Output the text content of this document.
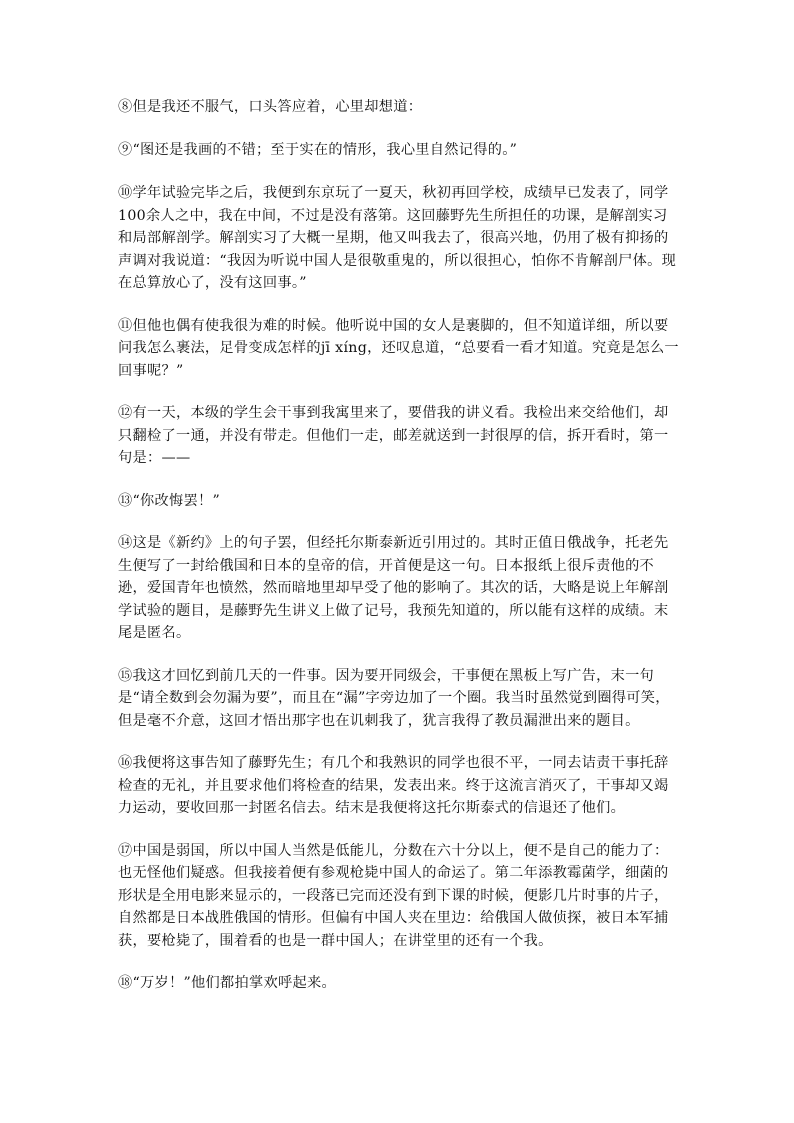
⑧但是我还不服气，口头答应着，心里却想道：

⑨“图还是我画的不错；至于实在的情形，我心里自然记得的。”

⑩学年试验完毕之后，我便到东京玩了一夏天，秋初再回学校，成绩早已发表了，同学100余人之中，我在中间，不过是没有落第。这回藤野先生所担任的功课，是解剖实习和局部解剖学。解剖实习了大概一星期，他又叫我去了，很高兴地，仍用了极有抑扬的声调对我说道：“我因为听说中国人是很敬重鬼的，所以很担心，怕你不肯解剖尸体。现在总算放心了，没有这回事。”

⑪但他也偶有使我很为难的时候。他听说中国的女人是裹脚的，但不知道详细，所以要问我怎么裹法，足骨变成怎样的jī xíng，还叹息道，“总要看一看才知道。究竟是怎么一回事呢？”

⑫有一天，本级的学生会干事到我寓里来了，要借我的讲义看。我检出来交给他们，却只翻检了一通，并没有带走。但他们一走，邮差就送到一封很厚的信，拆开看时，第一句是：——

⑬“你改悔罢！”

⑭这是《新约》上的句子罢，但经托尔斯泰新近引用过的。其时正值日俄战争，托老先生便写了一封给俄国和日本的皇帝的信，开首便是这一句。日本报纸上很斥责他的不逊，爱国青年也愤然，然而暗地里却早受了他的影响了。其次的话，大略是说上年解剖学试验的题目，是藤野先生讲义上做了记号，我预先知道的，所以能有这样的成绩。末尾是匿名。

⑮我这才回忆到前几天的一件事。因为要开同级会，干事便在黑板上写广告，末一句是“请全数到会勿漏为要”，而且在“漏”字旁边加了一个圈。我当时虽然觉到圈得可笑，但是毫不介意，这回才悟出那字也在讥刺我了，犹言我得了教员漏泄出来的题目。

⑯我便将这事告知了藤野先生；有几个和我熟识的同学也很不平，一同去诘责干事托辞检查的无礼，并且要求他们将检查的结果，发表出来。终于这流言消灭了，干事却又竭力运动，要收回那一封匿名信去。结末是我便将这托尔斯泰式的信退还了他们。

⑰中国是弱国，所以中国人当然是低能儿，分数在六十分以上，便不是自己的能力了：也无怪他们疑惑。但我接着便有参观枪毙中国人的命运了。第二年添教霉菌学，细菌的形状是全用电影来显示的，一段落已完而还没有到下课的时候，便影几片时事的片子，自然都是日本战胜俄国的情形。但偏有中国人夹在里边：给俄国人做侦探，被日本军捕获，要枪毙了，围着看的也是一群中国人；在讲堂里的还有一个我。

⑱“万岁！”他们都拍掌欢呼起来。
